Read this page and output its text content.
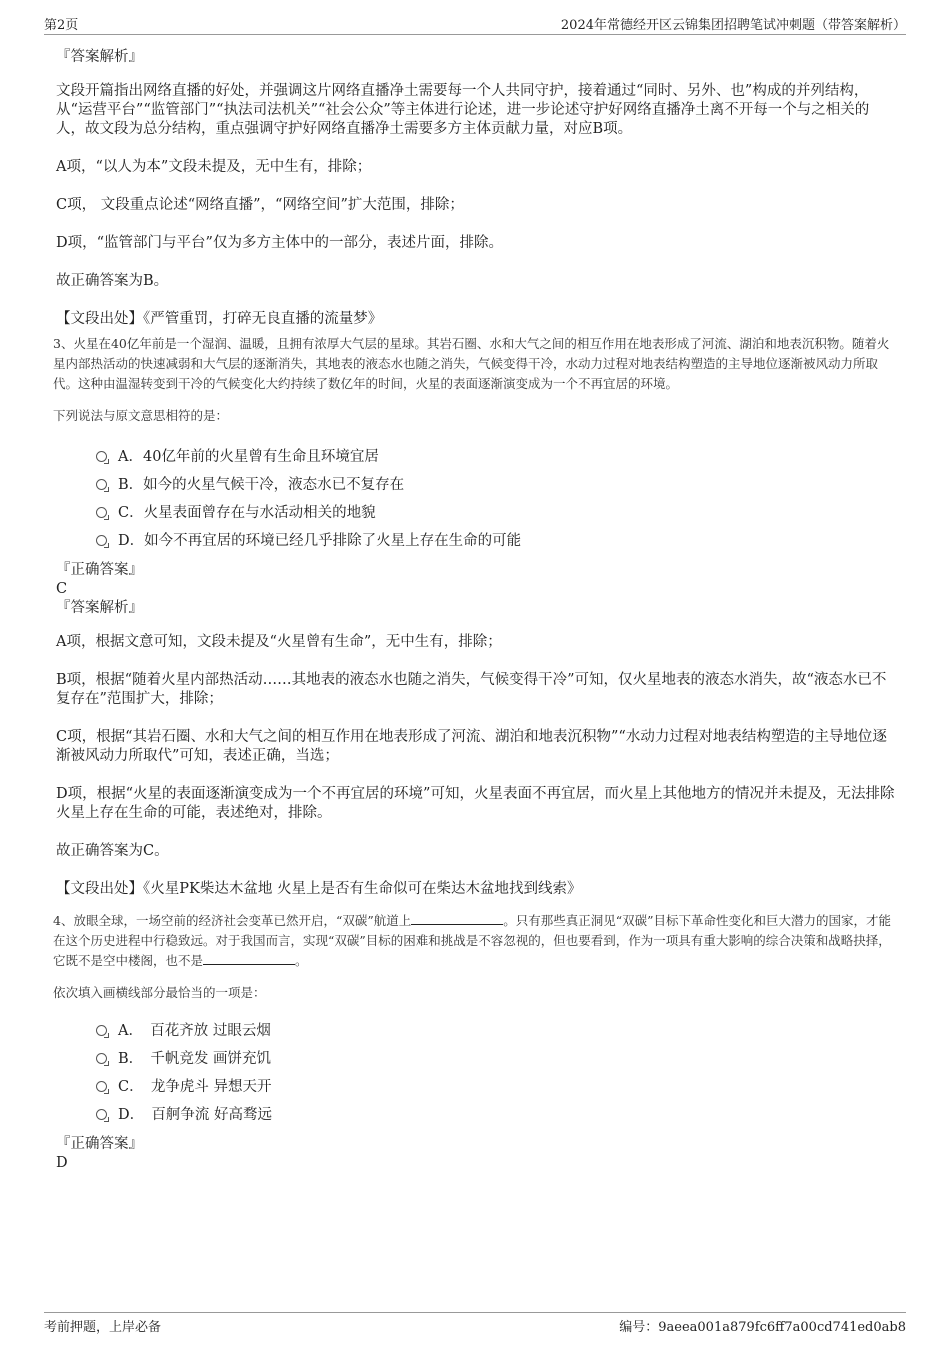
第2页	2024年常德经开区云锦集团招聘笔试冲刺题（带答案解析）

『答案解析』

文段开篇指出网络直播的好处，并强调这片网络直播净土需要每一个人共同守护，接着通过“同时、另外、也”构成的并列结构，从“运营平台”“监管部门”“执法司法机关”“社会公众”等主体进行论述，进一步论述守护好网络直播净土离不开每一个与之相关的人，故文段为总分结构，重点强调守护好网络直播净土需要多方主体贡献力量，对应B项。

A项，“以人为本”文段未提及，无中生有，排除；

C项， 文段重点论述“网络直播”，“网络空间”扩大范围，排除；

D项，“监管部门与平台”仅为多方主体中的一部分，表述片面，排除。

故正确答案为B。

【文段出处】《严管重罚，打碎无良直播的流量梦》

3、火星在40亿年前是一个湿润、温暖，且拥有浓厚大气层的星球。其岩石圈、水和大气之间的相互作用在地表形成了河流、湖泊和地表沉积物。随着火星内部热活动的快速减弱和大气层的逐渐消失，其地表的液态水也随之消失，气候变得干冷，水动力过程对地表结构塑造的主导地位逐渐被风动力所取代。这种由温湿转变到干冷的气候变化大约持续了数亿年的时间，火星的表面逐渐演变成为一个不再宜居的环境。

下列说法与原文意思相符的是：

A．40亿年前的火星曾有生命且环境宜居
B．如今的火星气候干冷，液态水已不复存在
C．火星表面曾存在与水活动相关的地貌
D．如今不再宜居的环境已经几乎排除了火星上存在生命的可能

『正确答案』

C

『答案解析』

A项，根据文意可知，文段未提及“火星曾有生命”，无中生有，排除；

B项，根据“随着火星内部热活动……其地表的液态水也随之消失，气候变得干冷”可知，仅火星地表的液态水消失，故“液态水已不复存在”范围扩大，排除；

C项，根据“其岩石圈、水和大气之间的相互作用在地表形成了河流、湖泊和地表沉积物”“水动力过程对地表结构塑造的主导地位逐渐被风动力所取代”可知，表述正确，当选；

D项，根据“火星的表面逐渐演变成为一个不再宜居的环境”可知，火星表面不再宜居，而火星上其他地方的情况并未提及，无法排除火星上存在生命的可能，表述绝对，排除。

故正确答案为C。

【文段出处】《火星PK柴达木盆地 火星上是否有生命似可在柴达木盆地找到线索》

4、放眼全球，一场空前的经济社会变革已然开启，“双碳”航道上	。只有那些真正洞见“双碳”目标下革命性变化和巨大潜力的国家，才能在这个历史进程中行稳致远。对于我国而言，实现“双碳”目标的困难和挑战是不容忽视的，但也要看到，作为一项具有重大影响的综合决策和战略抉择，它既不是空中楼阁，也不是	。

依次填入画横线部分最恰当的一项是：

A．　百花齐放 过眼云烟
B．　千帆竞发 画饼充饥
C．　龙争虎斗 异想天开
D．　百舸争流 好高骛远

『正确答案』

D

考前押题，上岸必备	编号：9aeea001a879fc6ff7a00cd741ed0ab8
